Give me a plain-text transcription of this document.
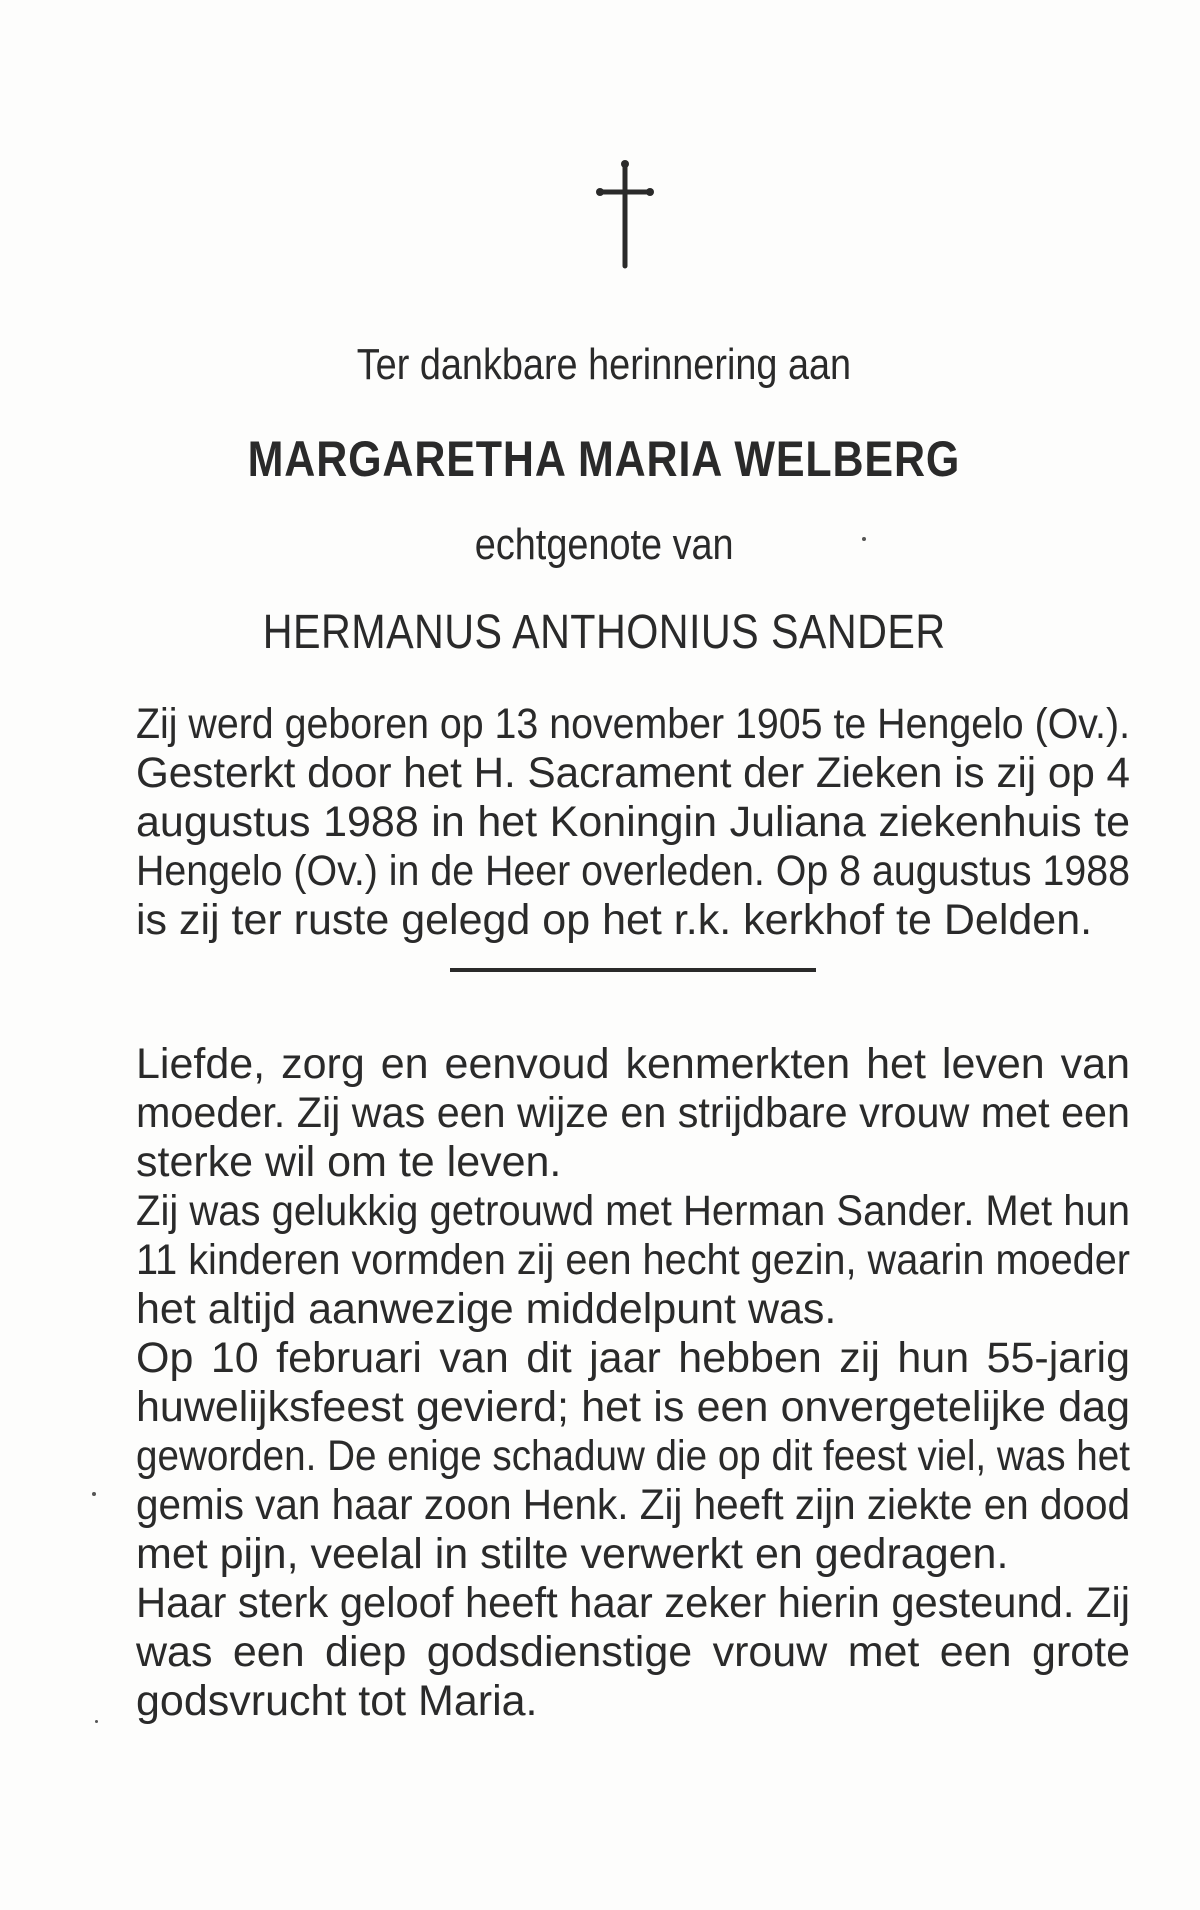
Ter dankbare herinnering aan
MARGARETHA MARIA WELBERG
echtgenote van
HERMANUS ANTHONIUS SANDER
Zij werd geboren op 13 november 1905 te Hengelo (Ov.).
Gesterkt door het H. Sacrament der Zieken is zij op 4
augustus 1988 in het Koningin Juliana ziekenhuis te
Hengelo (Ov.) in de Heer overleden. Op 8 augustus 1988
is zij ter ruste gelegd op het r.k. kerkhof te Delden.
Liefde, zorg en eenvoud kenmerkten het leven van
moeder. Zij was een wijze en strijdbare vrouw met een
sterke wil om te leven.
Zij was gelukkig getrouwd met Herman Sander. Met hun
11 kinderen vormden zij een hecht gezin, waarin moeder
het altijd aanwezige middelpunt was.
Op 10 februari van dit jaar hebben zij hun 55-jarig
huwelijksfeest gevierd; het is een onvergetelijke dag
geworden. De enige schaduw die op dit feest viel, was het
gemis van haar zoon Henk. Zij heeft zijn ziekte en dood
met pijn, veelal in stilte verwerkt en gedragen.
Haar sterk geloof heeft haar zeker hierin gesteund. Zij
was een diep godsdienstige vrouw met een grote
godsvrucht tot Maria.
